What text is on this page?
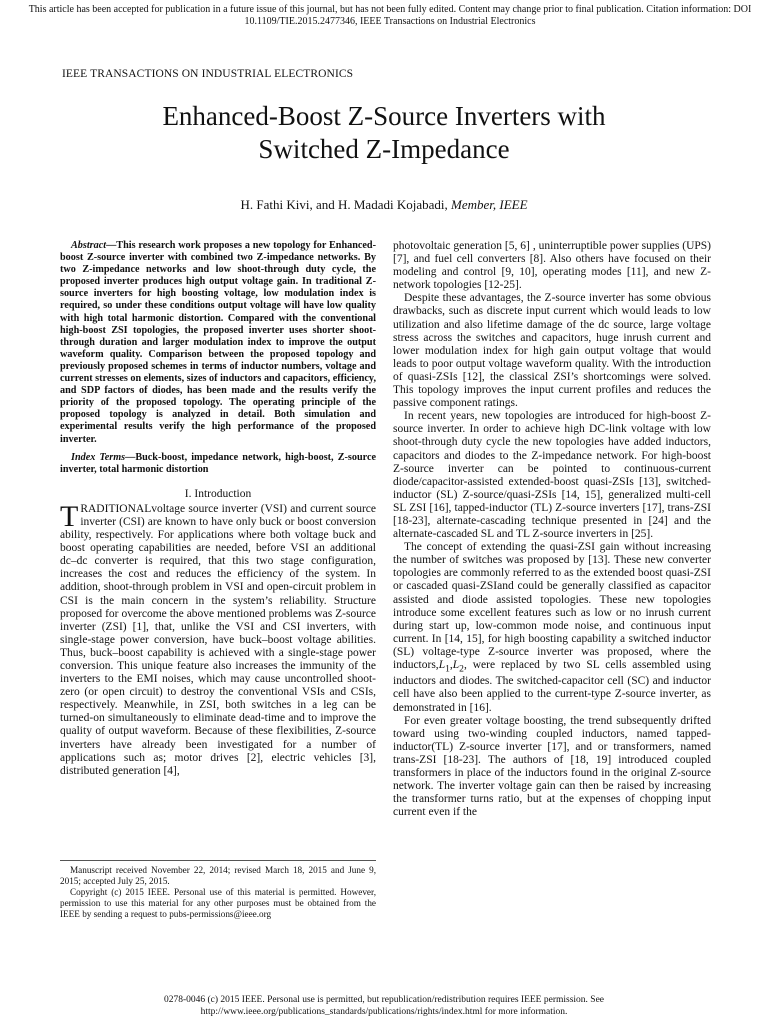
This article has been accepted for publication in a future issue of this journal, but has not been fully edited. Content may change prior to final publication. Citation information: DOI
10.1109/TIE.2015.2477346, IEEE Transactions on Industrial Electronics
IEEE TRANSACTIONS ON INDUSTRIAL ELECTRONICS
Enhanced-Boost Z-Source Inverters with
Switched Z-Impedance
H. Fathi Kivi, and H. Madadi Kojabadi, Member, IEEE

Abstract—This research work proposes a new topology for Enhanced-boost Z-source inverter with combined two Z-impedance networks. By two Z-impedance networks and low shoot-through duty cycle, the proposed inverter produces high output voltage gain. In traditional Z-source inverters for high boosting voltage, low modulation index is required, so under these conditions output voltage will have low quality with high total harmonic distortion. Compared with the conventional high-boost ZSI topologies, the proposed inverter uses shorter shoot-through duration and larger modulation index to improve the output waveform quality. Comparison between the proposed topology and previously proposed schemes in terms of inductor numbers, voltage and current stresses on elements, sizes of inductors and capacitors, efficiency, and SDP factors of diodes, has been made and the results verify the priority of the proposed topology. The operating principle of the proposed topology is analyzed in detail. Both simulation and experimental results verify the high performance of the proposed inverter.

Index Terms—Buck-boost, impedance network, high-boost, Z-source inverter, total harmonic distortion

I. Introduction

T RADITIONALvoltage source inverter (VSI) and current source inverter (CSI) are known to have only buck or boost conversion ability, respectively. For applications where both voltage buck and boost operating capabilities are needed, before VSI an additional dc–dc converter is required, that this two stage configuration, increases the cost and reduces the efficiency of the system. In addition, shoot-through problem in VSI and open-circuit problem in CSI is the main concern in the system’s reliability. Structure proposed for overcome the above mentioned problems was Z-source inverter (ZSI) [1], that, unlike the VSI and CSI inverters, with single-stage power conversion, have buck–boost voltage abilities. Thus, buck–boost capability is achieved with a single-stage power conversion. This unique feature also increases the immunity of the inverters to the EMI noises, which may cause uncontrolled shoot-zero (or open circuit) to destroy the conventional VSIs and CSIs, respectively. Meanwhile, in ZSI, both switches in a leg can be turned-on simultaneously to eliminate dead-time and to improve the quality of output waveform. Because of these flexibilities, Z-source inverters have already been investigated for a number of applications such as; motor drives [2], electric vehicles [3], distributed generation [4],

photovoltaic generation [5, 6] , uninterruptible power supplies (UPS) [7], and fuel cell converters [8]. Also others have focused on their modeling and control [9, 10], operating modes [11], and new Z-network topologies [12-25].

Despite these advantages, the Z-source inverter has some obvious drawbacks, such as discrete input current which would leads to low utilization and also lifetime damage of the dc source, large voltage stress across the switches and capacitors, huge inrush current and lower modulation index for high gain output voltage that would leads to poor output voltage waveform quality. With the introduction of quasi-ZSIs [12], the classical ZSI’s shortcomings were solved. This topology improves the input current profiles and reduces the passive component ratings.

In recent years, new topologies are introduced for high-boost Z-source inverter. In order to achieve high DC-link voltage with low shoot-through duty cycle the new topologies have added inductors, capacitors and diodes to the Z-impedance network. For high-boost Z-source inverter can be pointed to continuous-current diode/capacitor-assisted extended-boost quasi-ZSIs [13], switched-inductor (SL) Z-source/quasi-ZSIs [14, 15], generalized multi-cell SL ZSI [16], tapped-inductor (TL) Z-source inverters [17], trans-ZSI [18-23], alternate-cascading technique presented in [24] and the alternate-cascaded SL and TL Z-source inverters in [25].

The concept of extending the quasi-ZSI gain without increasing the number of switches was proposed by [13]. These new converter topologies are commonly referred to as the extended boost quasi-ZSI or cascaded quasi-ZSIand could be generally classified as capacitor assisted and diode assisted topologies. These new topologies introduce some excellent features such as low or no inrush current during start up, low-common mode noise, and continuous input current. In [14, 15], for high boosting capability a switched inductor (SL) voltage-type Z-source inverter was proposed, where the $inductors,L_1,L_2$, were replaced by two SL cells assembled using inductors and diodes. The switched-capacitor cell (SC) and inductor cell have also been applied to the current-type Z-source inverter, as demonstrated in [16].

For even greater voltage boosting, the trend subsequently drifted toward using two-winding coupled inductors, named tapped-inductor(TL) Z-source inverter [17], and or transformers, named trans-ZSI [18-23]. The authors of [18, 19] introduced coupled transformers in place of the inductors found in the original Z-source network. The inverter voltage gain can then be raised by increasing the transformer turns ratio, but at the expenses of chopping input current even if the

Manuscript received November 22, 2014; revised March 18, 2015 and June 9, 2015; accepted July 25, 2015.

Copyright (c) 2015 IEEE. Personal use of this material is permitted. However, permission to use this material for any other purposes must be obtained from the IEEE by sending a request to pubs-permissions@ieee.org

0278-0046 (c) 2015 IEEE. Personal use is permitted, but republication/redistribution requires IEEE permission. See
http://www.ieee.org/publications_standards/publications/rights/index.html for more information.
